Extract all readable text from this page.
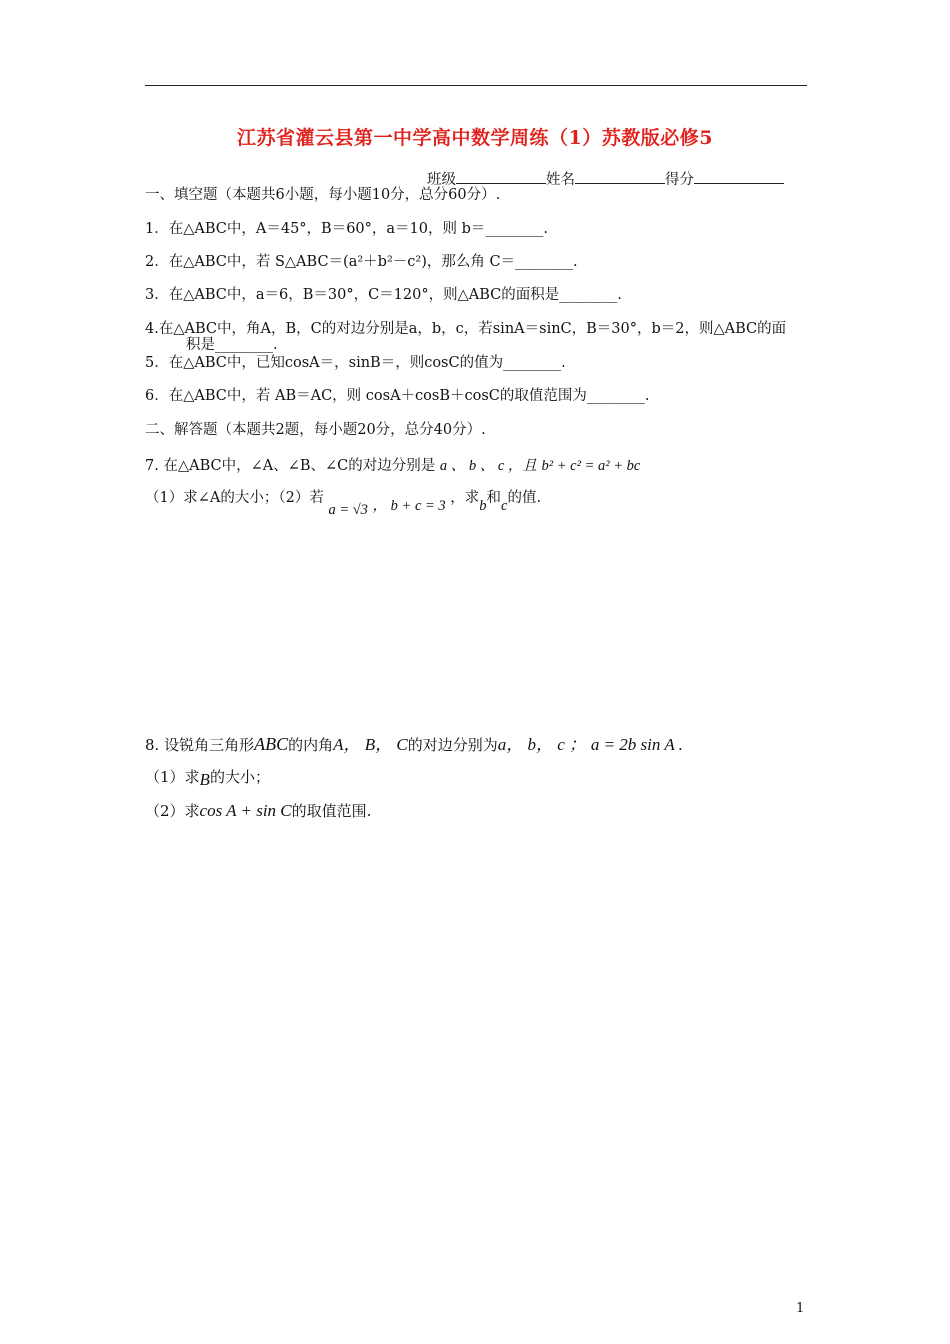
江苏省灌云县第一中学高中数学周练（1）苏教版必修5
班级	姓名	得分
一、填空题（本题共6小题，每小题10分，总分60分）.
1．在△ABC中，A＝45°，B＝60°，a＝10，则 b＝________.
2．在△ABC中，若 S△ABC＝(a²＋b²－c²)，那么角 C＝________.
3．在△ABC中，a＝6，B＝30°，C＝120°，则△ABC的面积是________.
4.在△ABC中，角A，B，C的对边分别是a，b，c，若sinA＝sinC，B＝30°，b＝2，则△ABC的面
积是________.
5．在△ABC中，已知cosA＝，sinB＝，则cosC的值为________.
6．在△ABC中，若 AB＝AC，则 cosA＋cosB＋cosC的取值范围为________.
二、解答题（本题共2题，每小题20分，总分40分）.
7. 在△ABC中，∠A、∠B、∠C的对边分别是 a 、 b 、 c ，且 b² + c² = a² + bc
（1）求∠A的大小；（2）若 a = √3 ， b + c = 3 ，求b和c的值.
8. 设锐角三角形ABC的内角A， B， C的对边分别为a， b， c ； a = 2b sin A .
（1）求B的大小；
（2）求cos A + sin C的取值范围.
1
